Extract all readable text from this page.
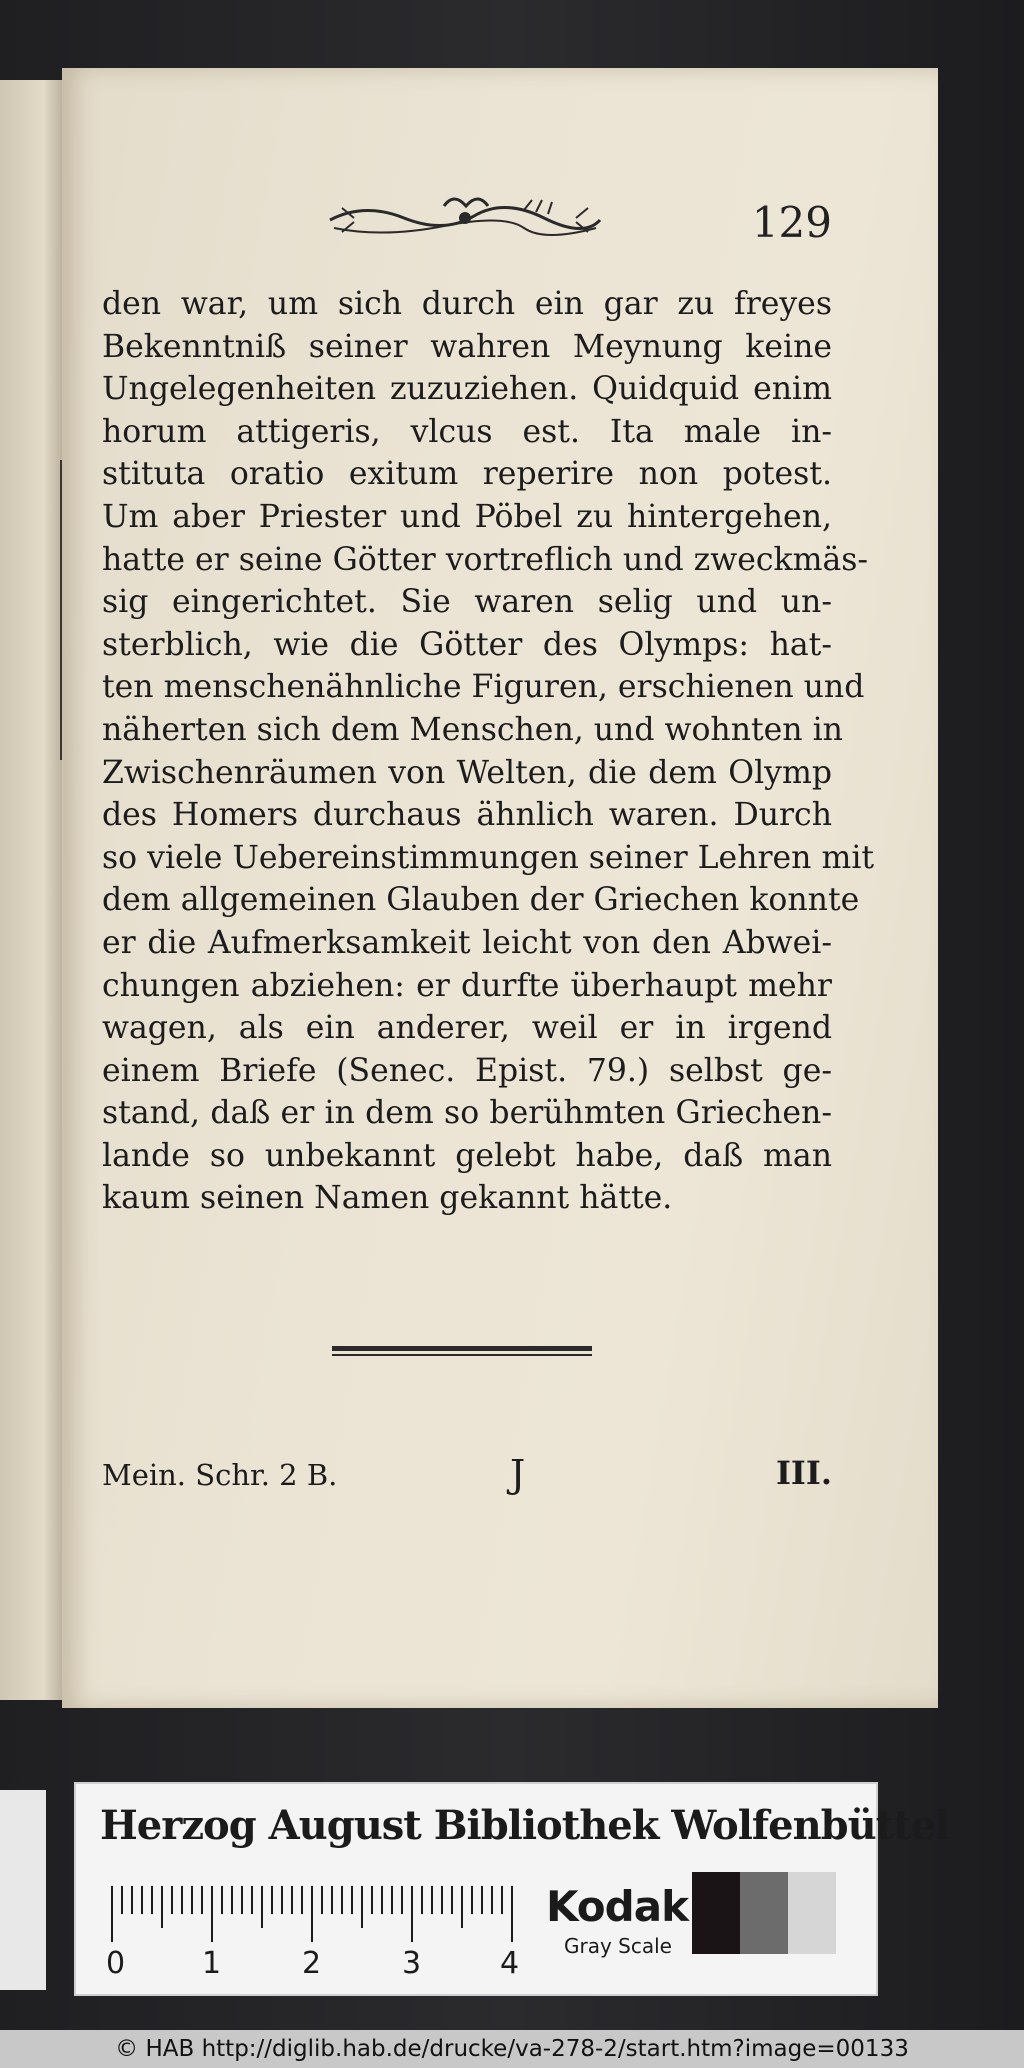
129
den war, um sich durch ein gar zu freyes
Bekenntniß seiner wahren Meynung keine
Ungelegenheiten zuzuziehen. Quidquid enim
horum attigeris, vlcus est. Ita male in-
stituta oratio exitum reperire non potest.
Um aber Priester und Pöbel zu hintergehen,
hatte er seine Götter vortreflich und zweckmäs-
sig eingerichtet. Sie waren selig und un-
sterblich, wie die Götter des Olymps: hat-
ten menschenähnliche Figuren, erschienen und
näherten sich dem Menschen, und wohnten in
Zwischenräumen von Welten, die dem Olymp
des Homers durchaus ähnlich waren. Durch
so viele Uebereinstimmungen seiner Lehren mit
dem allgemeinen Glauben der Griechen konnte
er die Aufmerksamkeit leicht von den Abwei-
chungen abziehen: er durfte überhaupt mehr
wagen, als ein anderer, weil er in irgend
einem Briefe (Senec. Epist. 79.) selbst ge-
stand, daß er in dem so berühmten Griechen-
lande so unbekannt gelebt habe, daß man
kaum seinen Namen gekannt hätte.
Mein. Schr. 2 B.	J	III.
Herzog August Bibliothek Wolfenbüttel
0	1	2	3	4
Kodak
Gray Scale
© HAB http://diglib.hab.de/drucke/va-278-2/start.htm?image=00133
